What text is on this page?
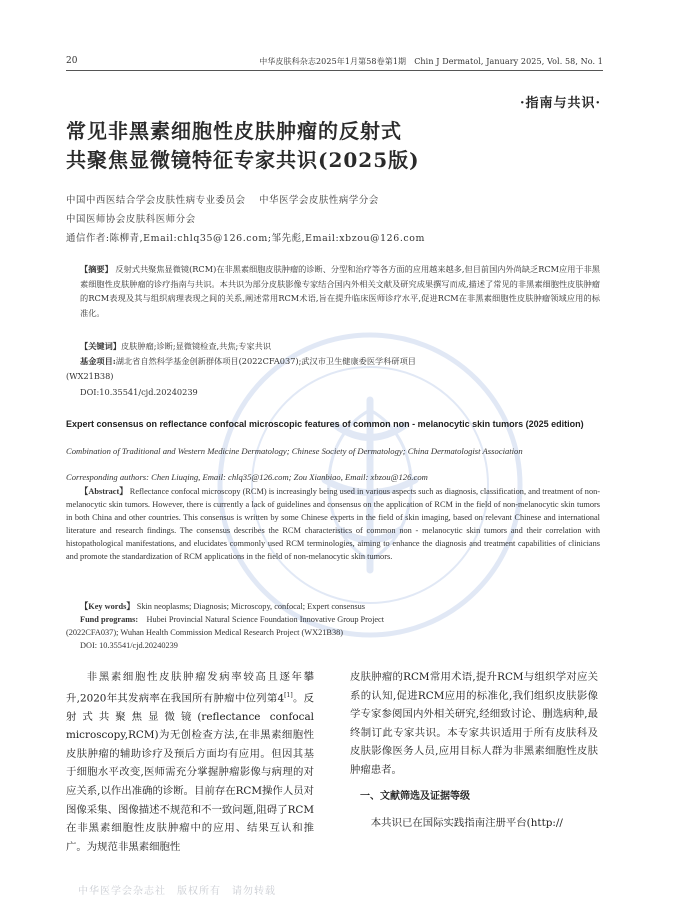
20	中华皮肤科杂志2025年1月第58卷第1期　Chin J Dermatol, January 2025, Vol. 58, No. 1
·指南与共识·
常见非黑素细胞性皮肤肿瘤的反射式
共聚焦显微镜特征专家共识(2025版)
中国中西医结合学会皮肤性病专业委员会　 中华医学会皮肤性病学分会
中国医师协会皮肤科医师分会
通信作者:陈柳青,Email:chlq35@126.com;邹先彪,Email:xbzou@126.com
【摘要】 反射式共聚焦显微镜(RCM)在非黑素细胞皮肤肿瘤的诊断、分型和治疗等各方面的应用越来越多,但目前国内外尚缺乏RCM应用于非黑素细胞性皮肤肿瘤的诊疗指南与共识。本共识为部分皮肤影像专家结合国内外相关文献及研究成果撰写而成,描述了常见的非黑素细胞性皮肤肿瘤的RCM表现及其与组织病理表现之间的关系,阐述常用RCM术语,旨在提升临床医师诊疗水平,促进RCM在非黑素细胞性皮肤肿瘤领域应用的标准化。
【关键词】皮肤肿瘤;诊断;显微镜检查,共焦;专家共识
基金项目:湖北省自然科学基金创新群体项目(2022CFA037);武汉市卫生健康委医学科研项目
(WX21B38)
DOI:10.35541/cjd.20240239
Expert consensus on reflectance confocal microscopic features of common non - melanocytic skin tumors (2025 edition)
Combination of Traditional and Western Medicine Dermatology; Chinese Society of Dermatology; China Dermatologist Association
Corresponding authors: Chen Liuqing, Email: chlq35@126.com; Zou Xianbiao, Email: xbzou@126.com
【Abstract】 Reflectance confocal microscopy (RCM) is increasingly being used in various aspects such as diagnosis, classification, and treatment of non-melanocytic skin tumors. However, there is currently a lack of guidelines and consensus on the application of RCM in the field of non-melanocytic skin tumors in both China and other countries. This consensus is written by some Chinese experts in the field of skin imaging, based on relevant Chinese and international literature and research findings. The consensus describes the RCM characteristics of common non - melanocytic skin tumors and their correlation with histopathological manifestations, and elucidates commonly used RCM terminologies, aiming to enhance the diagnosis and treatment capabilities of clinicians and promote the standardization of RCM applications in the field of non-melanocytic skin tumors.
【Key words】 Skin neoplasms; Diagnosis; Microscopy, confocal; Expert consensus
Fund programs:　 Hubei Provincial Natural Science Foundation Innovative Group Project
(2022CFA037); Wuhan Health Commission Medical Research Project (WX21B38)
DOI: 10.35541/cjd.20240239
非黑素细胞性皮肤肿瘤发病率较高且逐年攀升,2020年其发病率在我国所有肿瘤中位列第4[1]。反射式共聚焦显微镜(reflectance confocal microscopy,RCM)为无创检查方法,在非黑素细胞性皮肤肿瘤的辅助诊疗及预后方面均有应用。但因其基于细胞水平改变,医师需充分掌握肿瘤影像与病理的对应关系,以作出准确的诊断。目前存在RCM操作人员对图像采集、图像描述不规范和不一致问题,阻碍了RCM在非黑素细胞性皮肤肿瘤中的应用、结果互认和推广。为规范非黑素细胞性
皮肤肿瘤的RCM常用术语,提升RCM与组织学对应关系的认知,促进RCM应用的标准化,我们组织皮肤影像学专家参阅国内外相关研究,经细致讨论、删选病种,最终制订此专家共识。本专家共识适用于所有皮肤科及皮肤影像医务人员,应用目标人群为非黑素细胞性皮肤肿瘤患者。
一、文献筛选及证据等级
本共识已在国际实践指南注册平台(http://
中华医学会杂志社　版权所有　请勿转载
